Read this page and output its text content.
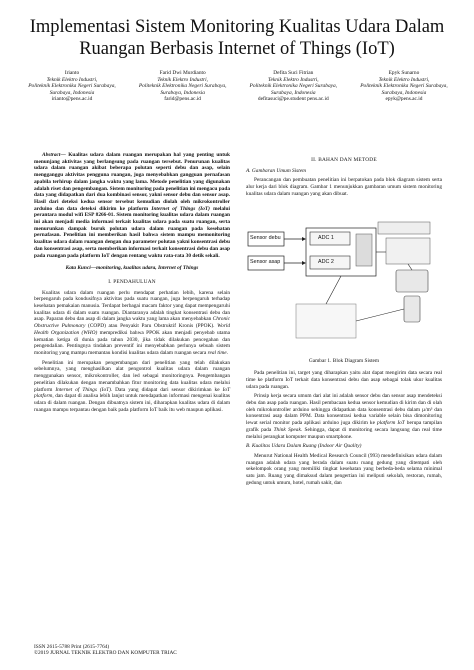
Implementasi Sistem Monitoring Kualitas Udara Dalam Ruangan Berbasis Internet of Things (IoT)
Irianto
Teknik Elektro Industri,
Politeknik Elektronika Negeri Surabaya,
Surabaya, Indonesia
irianto@pens.ac.id
Farid Dwi Murdianto
Teknik Elektro Industri,
Politeknik Elektronika Negeri Surabaya,
Surabaya, Indonesia
farid@pens.ac.id
Defita Suci Fitrian
Teknik Elektro Industri,
Politeknik Elektronika Negeri Surabaya,
Surabaya, Indonesia
defitasuci@pe.student pens.ac.id
Epyk Sunarno
Teknik Elektro Industri,
Politeknik Elektronika Negeri Surabaya,
Surabaya, Indonesia
epyk@pens.ac.id

Abstract— Kualitas udara dalam ruangan merupakan hal yang penting untuk menunjang aktivitas yang berlangsung pada ruangan tersebut. Penurunan kualitas udara dalam ruangan akibat beberapa polutan seperti debu dan asap, selain mengganggu aktivitas pengguna ruangan, juga menyebabkan gangguan pernafasan apabila terhirup dalam jangka waktu yang lama. Metode penelitian yang digunakan adalah riset dan pengembangan. Sistem monitoring pada penelitian ini mengacu pada data yang didapatkan dari dua kombinasi sensor, yakni sensor debu dan sensor asap. Hasil dari deteksi kedua sensor tersebut kemudian diolah oleh mikrokontroller arduino dan data deteksi dikirim ke platform Internet of Things (IoT) melalui perantara modul wifi ESP 8266-01. Sistem monitoring kualitas udara dalam ruangan ini akan menjadi media informasi terkait kualitas udara pada suatu ruangan, serta menurunkan dampak buruk polutan udara dalam ruangan pada kesehatan pernafasan. Penelitian ini memberikan hasil bahwa sistem mampu memonitoring kualitas udara dalam ruangan dengan dua parameter polutan yakni konsentrasi debu dan konsentrasi asap, serta memberikan informasi terkait konsentrasi debu dan asap pada ruangan pada platform IoT dengan rentang waktu rata-rata 30 detik sekali.

Kata Kunci—monitoring, kualitas udara, Internet of Things

I. PENDAHULUAN

Kualitas udara dalam ruangan perlu mendapat perhatian lebih, karena selain berpengaruh pada kondusifnya aktivitas pada suatu ruangan, juga berpengaruh terhadap kesehatan pemakaian manusia. Terdapat berbagai macam faktor yang dapat mempengaruhi kualitas udara di dalam suatu ruangan. Diantaranya adalah tingkat konsentrasi debu dan asap. Paparan debu dan asap di dalam jangka waktu yang lama akan menyebabkan Chronic Obstructive Pulmonary (COPD) atau Penyakit Paru Obstruktif Kronis (PPOK). World Health Organization (WHO) memprediksi bahwa PPOK akan menjadi penyebab utama kematian ketiga di dunia pada tahun 2030, jika tidak dilakukan pencegahan dan pengendalian. Pentingnya tindakan preventif ini menyebabkan perlunya sebuah sistem monitoring yang mampu memantau kondisi kualitas udara dalam ruangan secara real time.

Penelitian ini merupakan pengembangan dari penelitian yang telah dilakukan sebelumnya, yang menghasilkan alat pengontrol kualitas udara dalam ruangan menggunakan sensor, mikrokontroller, dan led sebagai monitoringnya. Pengembangan penelitian dilakukan dengan menambahkan fitur monitoring data kualitas udara melalui platform Internet of Things (IoT). Data yang didapat dari sensor dikirimkan ke IoT platform, dan dapat di analisa lebih lanjut untuk mendapatkan informasi mengenai kualitas udara di dalam ruangan. Dengan dibuatnya sistem ini, diharapkan kualitas udara di dalam ruangan mampu terpantau dengan baik pada platform IoT baik itu web maupun aplikasi.

II. BAHAN DAN METODE
A. Gambaran Umum Sistem

Perancangan dan pembuatan penelitian ini berpatokan pada blok diagram sistem serta alur kerja dari blok diagram. Gambar 1 menunjukkan gambaran umum sistem monitoring kualitas udara dalam ruangan yang akan dibuat.

Sensor debu
Sensor asap
ADC 1
ADC 2
Gambar 1. Blok Diagram Sistem

Pada penelitian ini, target yang diharapkan yaitu alat dapat mengirim data secara real time ke platform IoT terkait data konsentrasi debu dan asap sebagai tolak ukur kualitas udara pada ruangan.

Prinsip kerja secara umum dari alat ini adalah sensor debu dan sensor asap mendeteksi debu dan asap pada ruangan. Hasil pembacaan kedua sensor kemudian di kirim dan di olah oleh mikrokontroller arduino sehingga didapatkan data konsentrasi debu dalam µ/m³ dan konsentrasi asap dalam PPM. Data konsentrasi kedua variable selain bisa dimonitoring lewat serial monitor pada aplikasi arduino juga dikirim ke platform IoT berupa tampilan grafik pada Think Speak. Sehingga, dapat di monitoring secara langsung dan real time melalui perangkat komputer maupun smartphone.

B. Kualitas Udara Dalam Ruang (Indoor Air Quality)

Menurut National Health Medical Research Council (993) mendefinisikan udara dalam ruangan adalah udara yang berada dalam suatu ruang gedung yang ditempati oleh sekelompok orang yang memiliki tingkat kesehatan yang berbeda-beda selama minimal satu jam. Ruang yang dimaksud dalam pengertian ini meliputi sekolah, restoran, rumah, gedung untuk umum, hotel, rumah sakit, dan

ISSN 2615-5788 Print (2615-7764)
©2019 JURNAL TEKNIK ELEKTRO DAN KOMPUTER TRIAC
